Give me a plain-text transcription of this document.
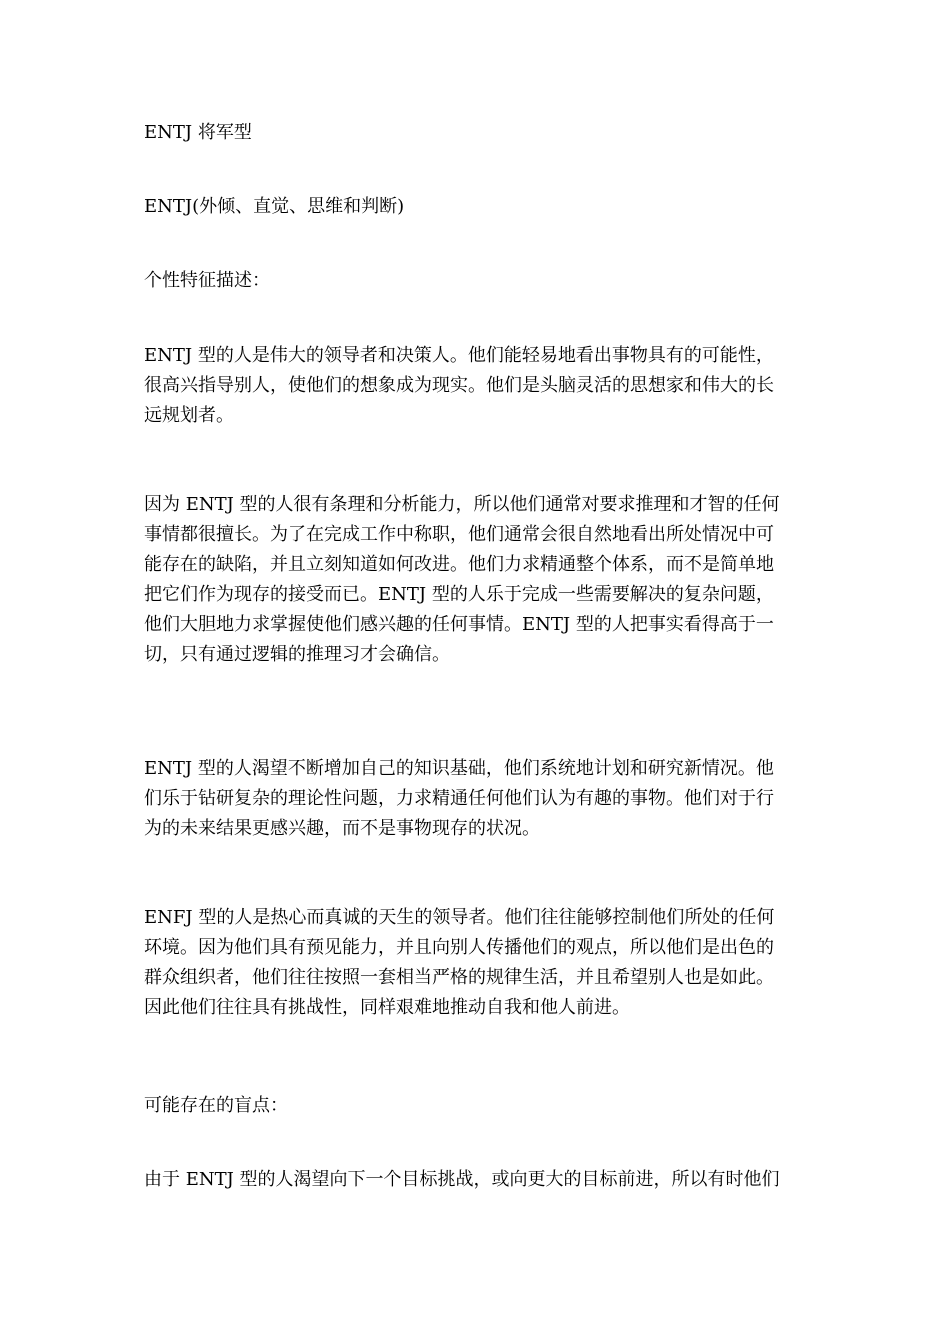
ENTJ 将军型
ENTJ(外倾、直觉、思维和判断)
个性特征描述：
ENTJ 型的人是伟大的领导者和决策人。他们能轻易地看出事物具有的可能性，
很高兴指导别人，使他们的想象成为现实。他们是头脑灵活的思想家和伟大的长
远规划者。
因为 ENTJ 型的人很有条理和分析能力，所以他们通常对要求推理和才智的任何
事情都很擅长。为了在完成工作中称职，他们通常会很自然地看出所处情况中可
能存在的缺陷，并且立刻知道如何改进。他们力求精通整个体系，而不是简单地
把它们作为现存的接受而已。ENTJ 型的人乐于完成一些需要解决的复杂问题，
他们大胆地力求掌握使他们感兴趣的任何事情。ENTJ 型的人把事实看得高于一
切，只有通过逻辑的推理习才会确信。
ENTJ 型的人渴望不断增加自己的知识基础，他们系统地计划和研究新情况。他
们乐于钻研复杂的理论性问题，力求精通任何他们认为有趣的事物。他们对于行
为的未来结果更感兴趣，而不是事物现存的状况。
ENFJ 型的人是热心而真诚的天生的领导者。他们往往能够控制他们所处的任何
环境。因为他们具有预见能力，并且向别人传播他们的观点，所以他们是出色的
群众组织者，他们往往按照一套相当严格的规律生活，并且希望别人也是如此。
因此他们往往具有挑战性，同样艰难地推动自我和他人前进。
可能存在的盲点：
由于 ENTJ 型的人渴望向下一个目标挑战，或向更大的目标前进，所以有时他们
